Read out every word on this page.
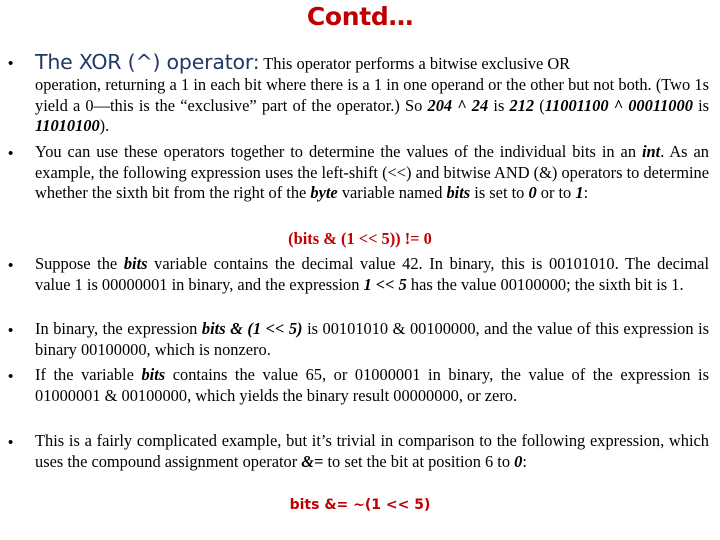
Contd…
• The XOR (^) operator: This operator performs a bitwise exclusive OR
operation, returning a 1 in each bit where there is a 1 in one operand or the other but not both. (Two 1s yield a 0—this is the “exclusive” part of the operator.) So 204 ^ 24 is 212 (11001100 ^ 00011000 is 11010100).
• You can use these operators together to determine the values of the individual bits in an int. As an example, the following expression uses the left-shift (<<) and bitwise AND (&) operators to determine whether the sixth bit from the right of the byte variable named bits is set to 0 or to 1:
(bits & (1 << 5)) != 0
• Suppose the bits variable contains the decimal value 42. In binary, this is 00101010. The decimal value 1 is 00000001 in binary, and the expression 1 << 5 has the value 00100000; the sixth bit is 1.
• In binary, the expression bits & (1 << 5) is 00101010 & 00100000, and the value of this expression is binary 00100000, which is nonzero.
• If the variable bits contains the value 65, or 01000001 in binary, the value of the expression is 01000001 & 00100000, which yields the binary result 00000000, or zero.
• This is a fairly complicated example, but it’s trivial in comparison to the following expression, which uses the compound assignment operator &= to set the bit at position 6 to 0:
bits &= ~(1 << 5)
